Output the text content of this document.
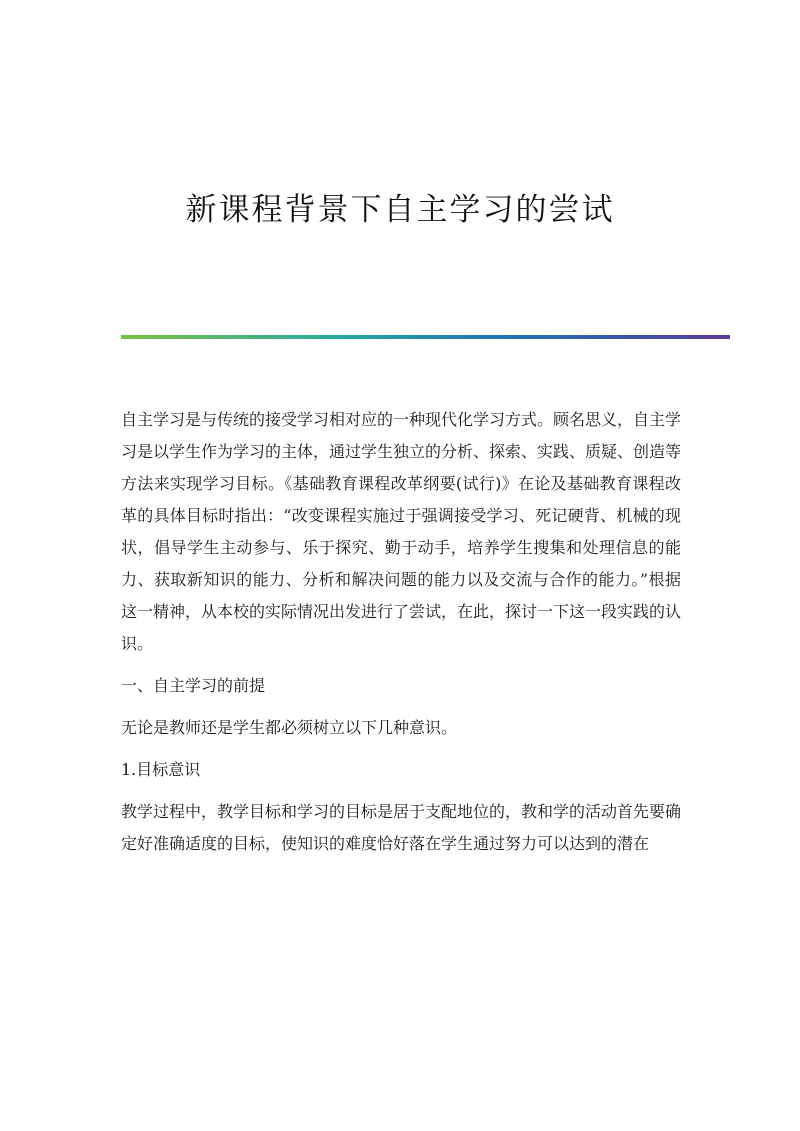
新课程背景下自主学习的尝试

自主学习是与传统的接受学习相对应的一种现代化学习方式。顾名思义，自主学习是以学生作为学习的主体，通过学生独立的分析、探索、实践、质疑、创造等方法来实现学习目标。《基础教育课程改革纲要(试行)》在论及基础教育课程改革的具体目标时指出：“改变课程实施过于强调接受学习、死记硬背、机械的现状，倡导学生主动参与、乐于探究、勤于动手，培养学生搜集和处理信息的能力、获取新知识的能力、分析和解决问题的能力以及交流与合作的能力。”根据这一精神，从本校的实际情况出发进行了尝试，在此，探讨一下这一段实践的认识。

一、自主学习的前提

无论是教师还是学生都必须树立以下几种意识。

1.目标意识

教学过程中，教学目标和学习的目标是居于支配地位的，教和学的活动首先要确定好准确适度的目标，使知识的难度恰好落在学生通过努力可以达到的潜在
